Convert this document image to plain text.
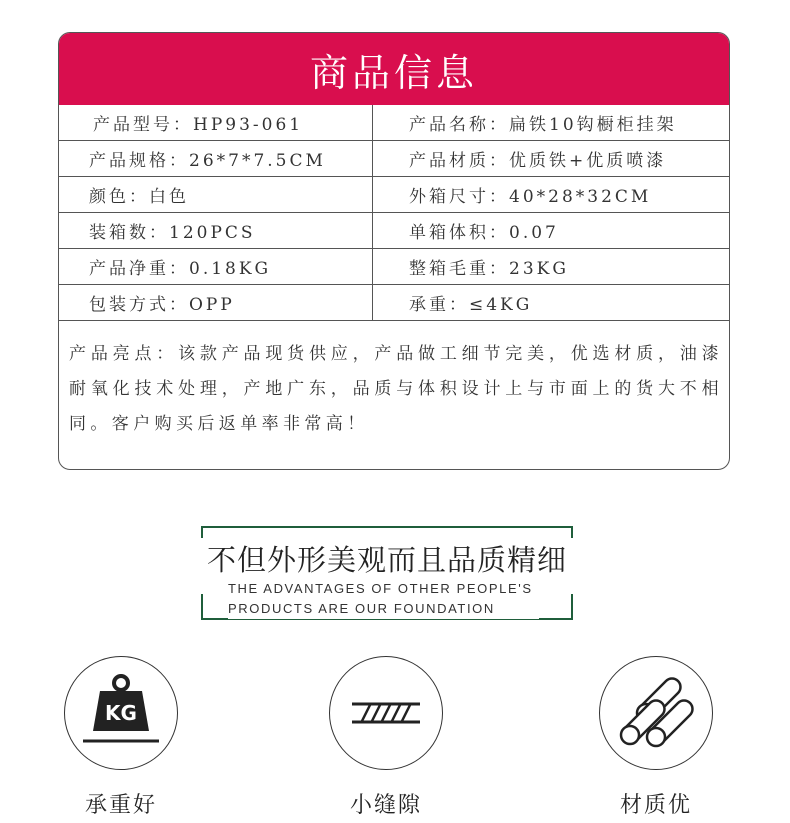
商品信息
产品型号：HP93-061	产品名称：扁铁10钩橱柜挂架
产品规格：26*7*7.5CM	产品材质：优质铁+优质喷漆
颜色：白色	外箱尺寸：40*28*32CM
装箱数：120PCS	单箱体积：0.07
产品净重：0.18KG	整箱毛重：23KG
包装方式：OPP	承重：≤4KG
产品亮点：该款产品现货供应，产品做工细节完美，优选材质，油漆耐氧化技术处理，产地广东，品质与体积设计上与市面上的货大不相同。客户购买后返单率非常高！
不但外形美观而且品质精细
THE ADVANTAGES OF OTHER PEOPLE'S
PRODUCTS ARE OUR FOUNDATION
KG
承重好	小缝隙	材质优
